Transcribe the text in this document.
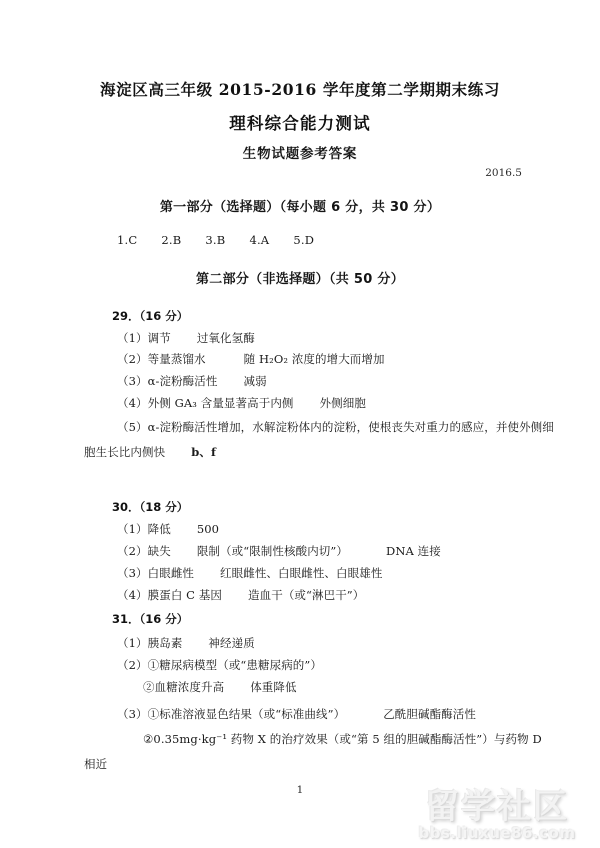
海淀区高三年级 2015-2016 学年度第二学期期末练习
理科综合能力测试
生物试题参考答案
2016.5
第一部分（选择题）（每小题 6 分，共 30 分）
1.C 2.B 3.B 4.A 5.D
第二部分（非选择题）（共 50 分）
29．（16 分）
（1）调节 过氧化氢酶
（2）等量蒸馏水	随 H₂O₂ 浓度的增大而增加
（3）α-淀粉酶活性 减弱
（4）外侧 GA₃ 含量显著高于内侧 外侧细胞
（5）α-淀粉酶活性增加，水解淀粉体内的淀粉，使根丧失对重力的感应，并使外侧细
胞生长比内侧快 b、f
30．（18 分）
（1）降低 500
（2）缺失 限制（或“限制性核酸内切”）	DNA 连接
（3）白眼雌性 红眼雌性、白眼雌性、白眼雄性
（4）膜蛋白 C 基因 造血干（或“淋巴干”）
31．（16 分）
（1）胰岛素 神经递质
（2）①糖尿病模型（或“患糖尿病的”）
②血糖浓度升高 体重降低
（3）①标准溶液显色结果（或“标准曲线”）	乙酰胆碱酯酶活性
②0.35mg·kg⁻¹ 药物 X 的治疗效果（或“第 5 组的胆碱酯酶活性”）与药物 D
相近
1	留学社区
bbs.liuxue86.com
